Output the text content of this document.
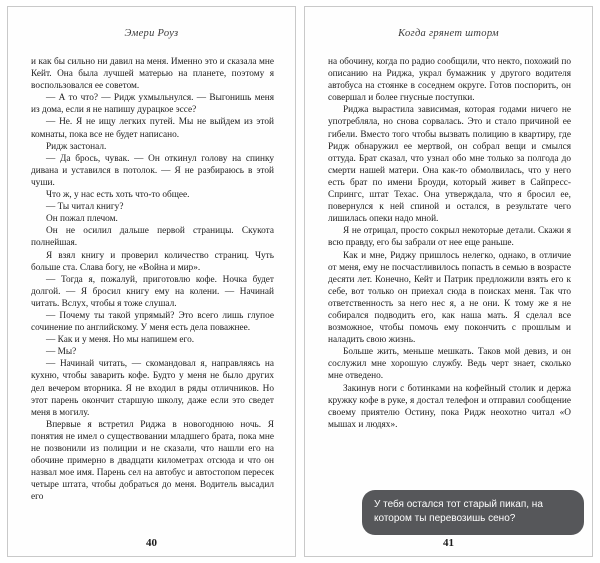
Эмери Роуз

и как бы сильно ни давил на меня. Именно это и сказала мне Кейт. Она была лучшей матерью на планете, поэтому я воспользовался ее советом.

— А то что? — Ридж ухмыльнулся. — Выгонишь меня из дома, если я не напишу дурацкое эссе?

— Не. Я не ищу легких путей. Мы не выйдем из этой комнаты, пока все не будет написано.

Ридж застонал.

— Да брось, чувак. — Он откинул голову на спинку дивана и уставился в потолок. — Я не разбираюсь в этой чуши.

Что ж, у нас есть хоть что-то общее.

— Ты читал книгу?

Он пожал плечом.

Он не осилил дальше первой страницы. Скукота полнейшая.

Я взял книгу и проверил количество страниц. Чуть больше ста. Слава богу, не «Война и мир».

— Тогда я, пожалуй, приготовлю кофе. Ночка будет долгой. — Я бросил книгу ему на колени. — Начинай читать. Вслух, чтобы я тоже слушал.

— Почему ты такой упрямый? Это всего лишь глупое сочинение по английскому. У меня есть дела поважнее.

— Как и у меня. Но мы напишем его.

— Мы?

— Начинай читать, — скомандовал я, направляясь на кухню, чтобы заварить кофе. Будто у меня не было других дел вечером вторника. Я не входил в ряды отличников. Но этот парень окончит старшую школу, даже если это сведет меня в могилу.

Впервые я встретил Риджа в новогоднюю ночь. Я понятия не имел о существовании младшего брата, пока мне не позвонили из полиции и не сказали, что нашли его на обочине примерно в двадцати километрах отсюда и что он назвал мое имя. Парень сел на автобус и автостопом пересек четыре штата, чтобы добраться до меня. Водитель высадил его

40
Когда грянет шторм

на обочину, когда по радио сообщили, что некто, похожий по описанию на Риджа, украл бумажник у другого водителя автобуса на стоянке в соседнем округе. Готов поспорить, он совершал и более гнусные поступки.

Риджа вырастила зависимая, которая годами ничего не употребляла, но снова сорвалась. Это и стало причиной ее гибели. Вместо того чтобы вызвать полицию в квартиру, где Ридж обнаружил ее мертвой, он собрал вещи и смылся оттуда. Брат сказал, что узнал обо мне только за полгода до смерти нашей матери. Она как-то обмолвилась, что у него есть брат по имени Броуди, который живет в Сайпресс-Спрингс, штат Техас. Она утверждала, что я бросил ее, повернулся к ней спиной и остался, в результате чего лишилась опеки надо мной.

Я не отрицал, просто сокрыл некоторые детали. Скажи я всю правду, его бы забрали от нее еще раньше.

Как и мне, Риджу пришлось нелегко, однако, в отличие от меня, ему не посчастливилось попасть в семью в возрасте десяти лет. Конечно, Кейт и Патрик предложили взять его к себе, вот только он приехал сюда в поисках меня. Так что ответственность за него нес я, а не они. К тому же я не собирался подводить его, как наша мать. Я сделал все возможное, чтобы помочь ему покончить с прошлым и наладить свою жизнь.

Больше жить, меньше мешкать. Таков мой девиз, и он сослужил мне хорошую службу. Ведь черт знает, сколько мне отведено.

Закинув ноги с ботинками на кофейный столик и держа кружку кофе в руке, я достал телефон и отправил сообщение своему приятелю Остину, пока Ридж неохотно читал «О мышах и людях».

У тебя остался тот старый пикап, на котором ты перевозишь сено?
41
